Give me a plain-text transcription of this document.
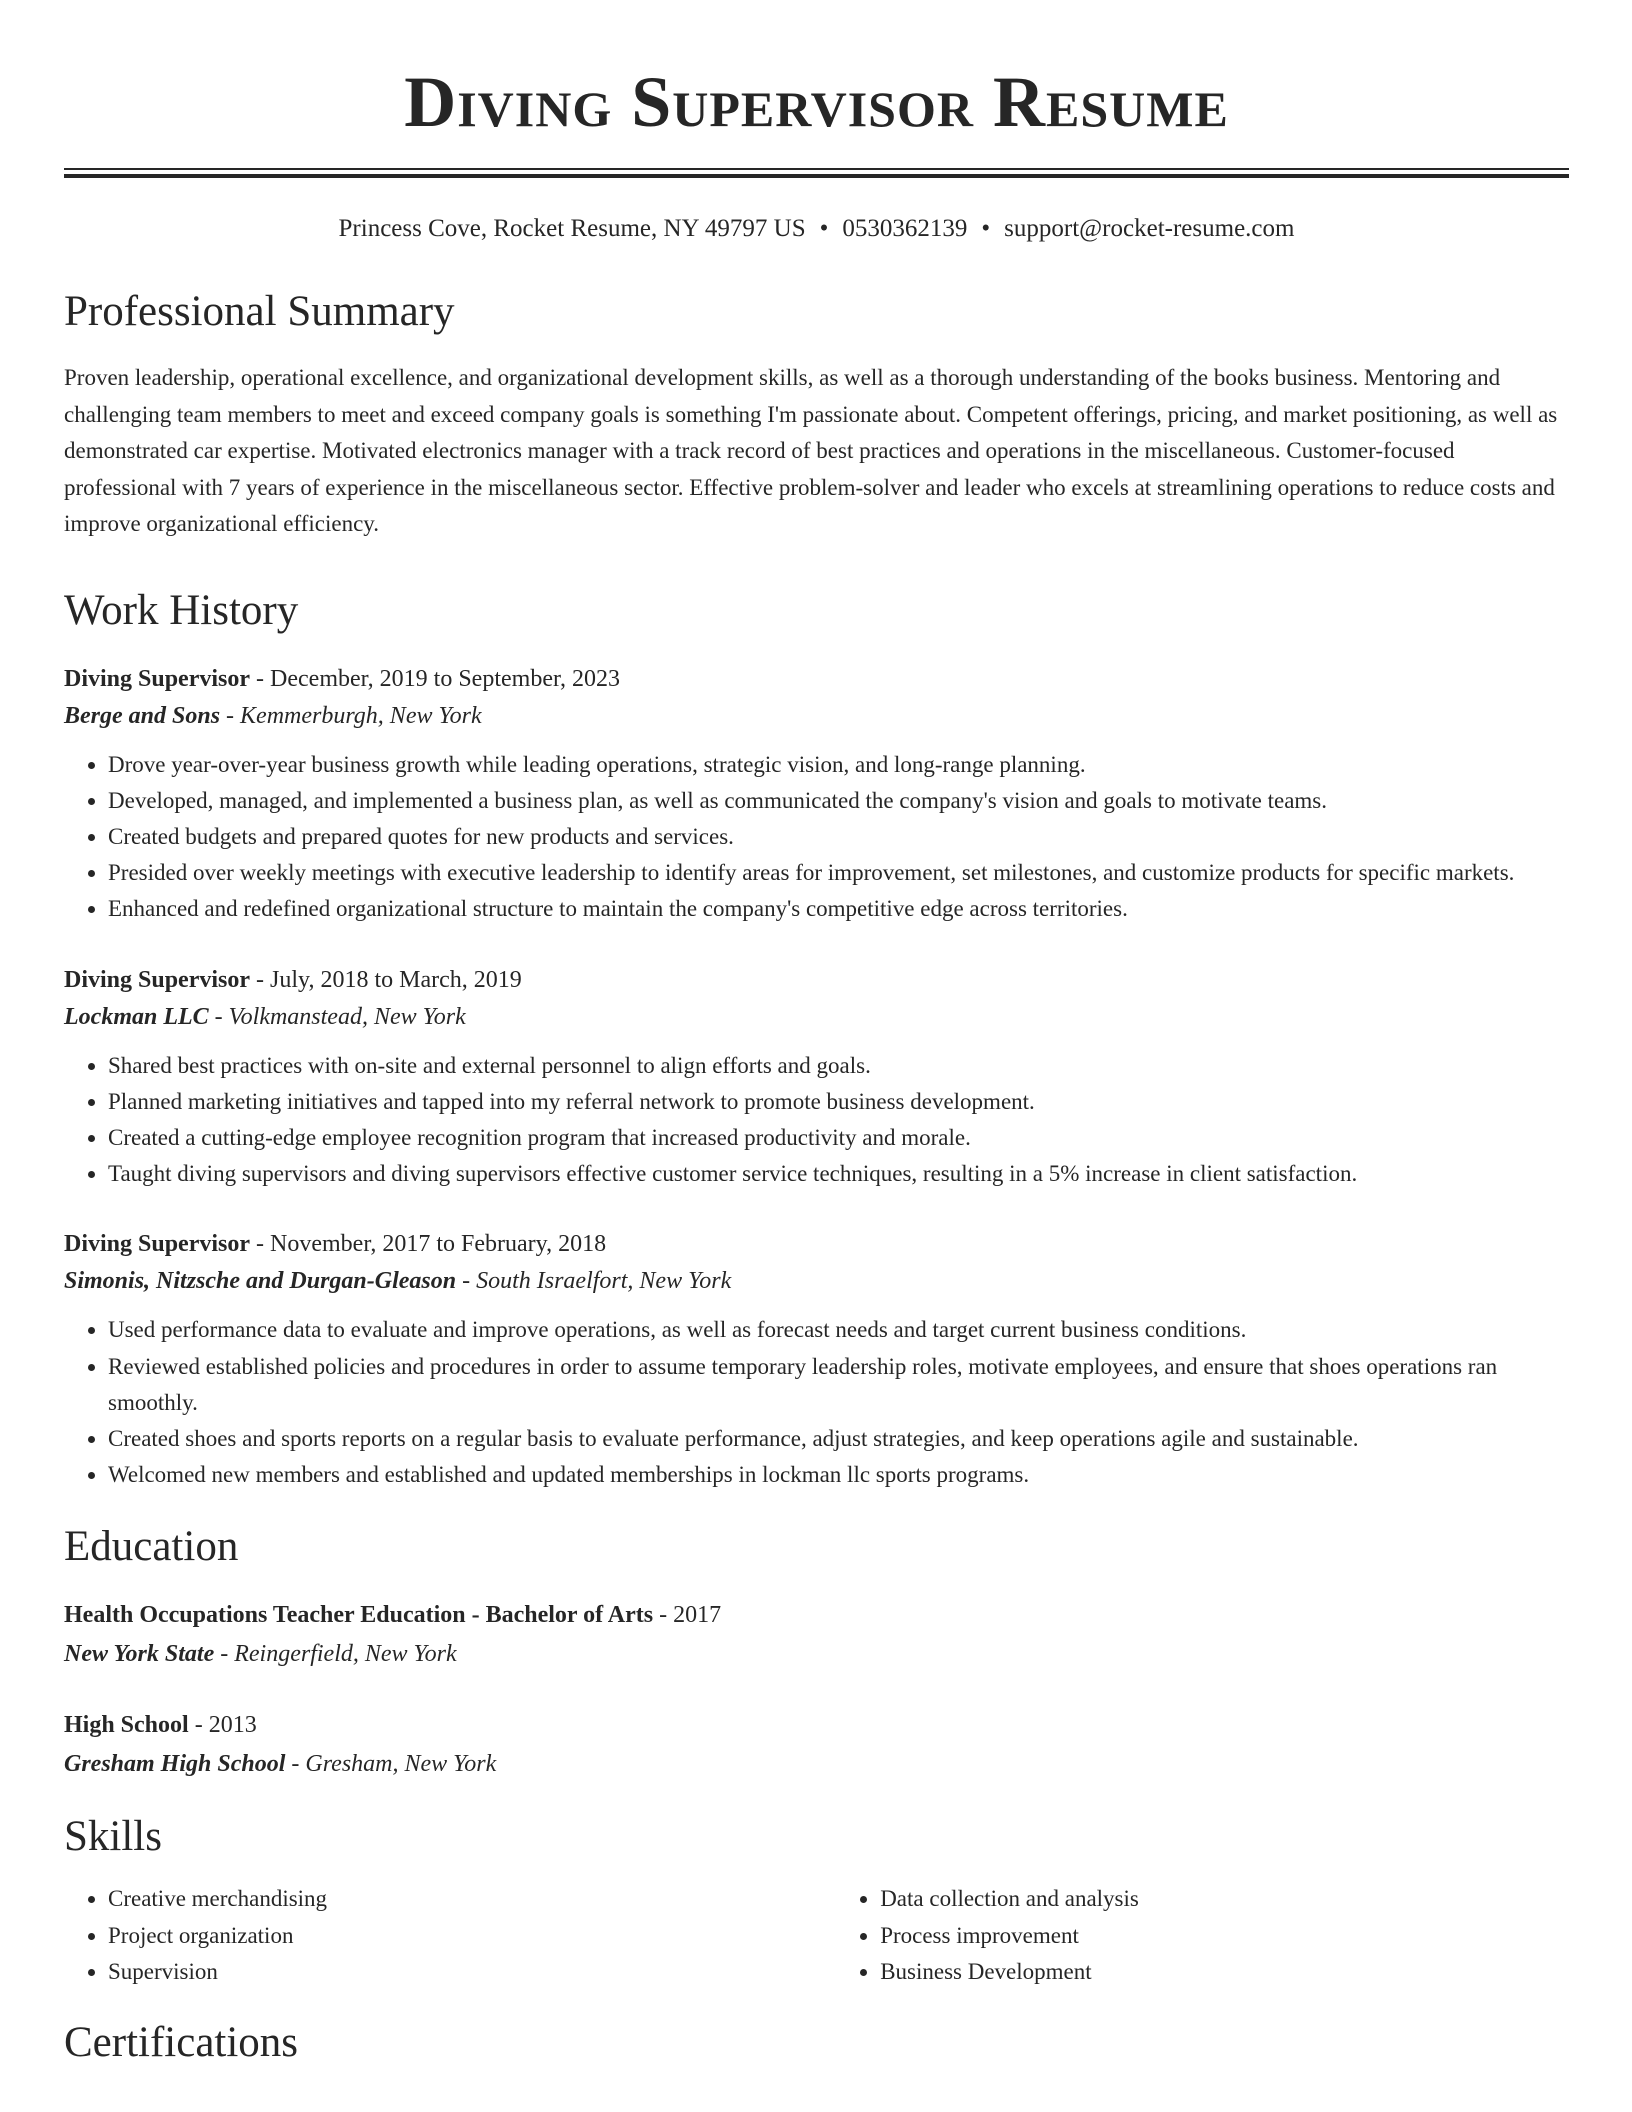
Diving Supervisor Resume
Princess Cove, Rocket Resume, NY 49797 US • 0530362139 • support@rocket-resume.com
Professional Summary
Proven leadership, operational excellence, and organizational development skills, as well as a thorough understanding of the books business. Mentoring and challenging team members to meet and exceed company goals is something I'm passionate about. Competent offerings, pricing, and market positioning, as well as demonstrated car expertise. Motivated electronics manager with a track record of best practices and operations in the miscellaneous. Customer-focused professional with 7 years of experience in the miscellaneous sector. Effective problem-solver and leader who excels at streamlining operations to reduce costs and improve organizational efficiency.
Work History
Diving Supervisor - December, 2019 to September, 2023
Berge and Sons - Kemmerburgh, New York
• Drove year-over-year business growth while leading operations, strategic vision, and long-range planning.
• Developed, managed, and implemented a business plan, as well as communicated the company's vision and goals to motivate teams.
• Created budgets and prepared quotes for new products and services.
• Presided over weekly meetings with executive leadership to identify areas for improvement, set milestones, and customize products for specific markets.
• Enhanced and redefined organizational structure to maintain the company's competitive edge across territories.
Diving Supervisor - July, 2018 to March, 2019
Lockman LLC - Volkmanstead, New York
• Shared best practices with on-site and external personnel to align efforts and goals.
• Planned marketing initiatives and tapped into my referral network to promote business development.
• Created a cutting-edge employee recognition program that increased productivity and morale.
• Taught diving supervisors and diving supervisors effective customer service techniques, resulting in a 5% increase in client satisfaction.
Diving Supervisor - November, 2017 to February, 2018
Simonis, Nitzsche and Durgan-Gleason - South Israelfort, New York
• Used performance data to evaluate and improve operations, as well as forecast needs and target current business conditions.
• Reviewed established policies and procedures in order to assume temporary leadership roles, motivate employees, and ensure that shoes operations ran smoothly.
• Created shoes and sports reports on a regular basis to evaluate performance, adjust strategies, and keep operations agile and sustainable.
• Welcomed new members and established and updated memberships in lockman llc sports programs.
Education
Health Occupations Teacher Education - Bachelor of Arts - 2017
New York State - Reingerfield, New York
High School - 2013
Gresham High School - Gresham, New York
Skills
• Creative merchandising
• Project organization
• Supervision
• Data collection and analysis
• Process improvement
• Business Development
Certifications
